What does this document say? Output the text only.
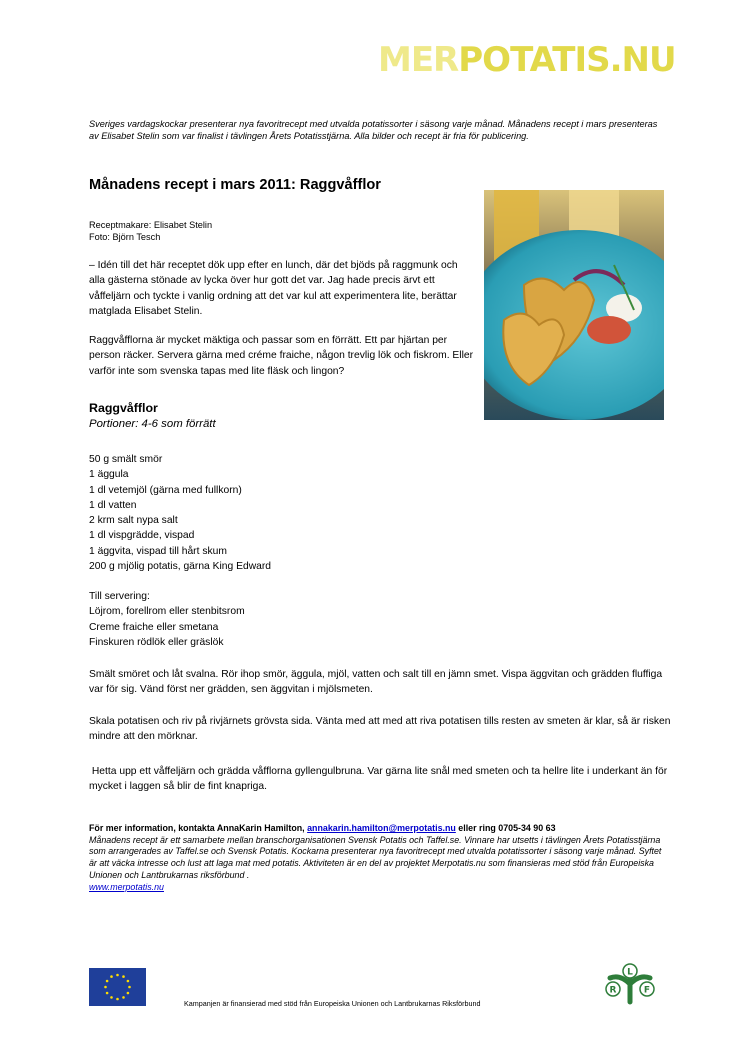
MERPOTATIS.NU
Sveriges vardagskockar presenterar nya favoritrecept med utvalda potatissorter i säsong varje månad. Månadens recept i mars presenteras av Elisabet Stelin som var finalist i tävlingen Årets Potatisstjärna. Alla bilder och recept är fria för publicering.
Månadens recept i mars 2011: Raggvåfflor
Receptmakare: Elisabet Stelin
Foto: Björn Tesch
– Idén till det här receptet dök upp efter en lunch, där det bjöds på raggmunk och alla gästerna stönade av lycka över hur gott det var. Jag hade precis ärvt ett våffeljärn och tyckte i vanlig ordning att det var kul att experimentera lite, berättar matglada Elisabet Stelin.
Raggvåfflorna är mycket mäktiga och passar som en förrätt. Ett par hjärtan per person räcker. Servera gärna med créme fraiche, någon trevlig lök och fiskrom. Eller varför inte som svenska tapas med lite fläsk och lingon?
Raggvåfflor
Portioner: 4-6 som förrätt
50 g smält smör
1 äggula
1 dl vetemjöl (gärna med fullkorn)
1 dl vatten
2 krm salt nypa salt
1 dl vispgrädde, vispad
1 äggvita, vispad till hårt skum
200 g mjölig potatis, gärna King Edward
Till servering:
Löjrom, forellrom eller stenbitsrom
Creme fraiche eller smetana
Finskuren rödlök eller gräslök
Smält smöret och låt svalna. Rör ihop smör, äggula, mjöl, vatten och salt till en jämn smet. Vispa äggvitan och grädden fluffiga var för sig. Vänd först ner grädden, sen äggvitan i mjölsmeten.
Skala potatisen och riv på rivjärnets grövsta sida. Vänta med att med att riva potatisen tills resten av smeten är klar, så är risken mindre att den mörknar.
Hetta upp ett våffeljärn och grädda våfflorna gyllengulbruna. Var gärna lite snål med smeten och ta hellre lite i underkant än för mycket i laggen så blir de fint knapriga.
För mer information, kontakta AnnaKarin Hamilton, annakarin.hamilton@merpotatis.nu eller ring 0705-34 90 63
Månadens recept är ett samarbete mellan branschorganisationen Svensk Potatis och Taffel.se. Vinnare har utsetts i tävlingen Årets Potatisstjärna som arrangerades av Taffel.se och Svensk Potatis. Kockarna presenterar nya favoritrecept med utvalda potatissorter i säsong varje månad. Syftet är att väcka intresse och lust att laga mat med potatis. Aktiviteten är en del av projektet Merpotatis.nu som finansieras med stöd från Europeiska Unionen och Lantbrukarnas riksförbund .
www.merpotatis.nu
Kampanjen är finansierad med stöd från Europeiska Unionen och Lantbrukarnas Riksförbund
L
R	F
